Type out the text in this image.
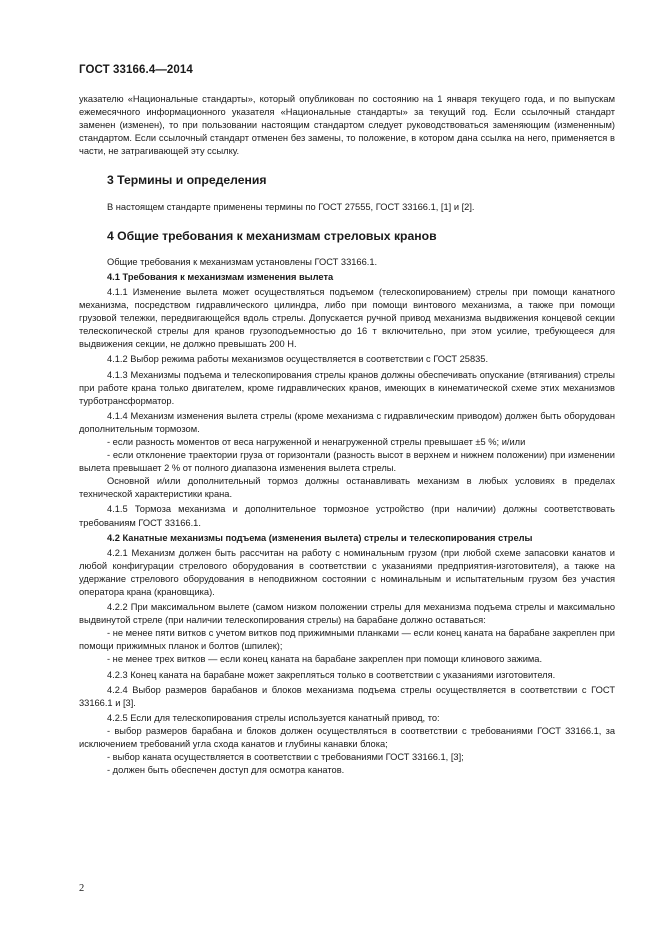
ГОСТ 33166.4—2014

указателю «Национальные стандарты», который опубликован по состоянию на 1 января текущего года, и по выпускам ежемесячного информационного указателя «Национальные стандарты» за текущий год. Если ссылочный стандарт заменен (изменен), то при пользовании настоящим стандартом следует руководствоваться заменяющим (измененным) стандартом. Если ссылочный стандарт отменен без замены, то положение, в котором дана ссылка на него, применяется в части, не затрагивающей эту ссылку.

3 Термины и определения

В настоящем стандарте применены термины по ГОСТ 27555, ГОСТ 33166.1, [1] и [2].

4 Общие требования к механизмам стреловых кранов

Общие требования к механизмам установлены ГОСТ 33166.1.

4.1 Требования к механизмам изменения вылета

4.1.1 Изменение вылета может осуществляться подъемом (телескопированием) стрелы при помощи канатного механизма, посредством гидравлического цилиндра, либо при помощи винтового механизма, а также при помощи грузовой тележки, передвигающейся вдоль стрелы. Допускается ручной привод механизма выдвижения концевой секции телескопической стрелы для кранов грузоподъемностью до 16 т включительно, при этом усилие, требующееся для выдвижения секции, не должно превышать 200 Н.

4.1.2 Выбор режима работы механизмов осуществляется в соответствии с ГОСТ 25835.

4.1.3 Механизмы подъема и телескопирования стрелы кранов должны обеспечивать опускание (втягивания) стрелы при работе крана только двигателем, кроме гидравлических кранов, имеющих в кинематической схеме этих механизмов турботрансформатор.

4.1.4 Механизм изменения вылета стрелы (кроме механизма с гидравлическим приводом) должен быть оборудован дополнительным тормозом.

- если разность моментов от веса нагруженной и ненагруженной стрелы превышает ±5 %; и/или

- если отклонение траектории груза от горизонтали (разность высот в верхнем и нижнем положении) при изменении вылета превышает 2 % от полного диапазона изменения вылета стрелы.

Основной и/или дополнительный тормоз должны останавливать механизм в любых условиях в пределах технической характеристики крана.

4.1.5 Тормоза механизма и дополнительное тормозное устройство (при наличии) должны соответствовать требованиям ГОСТ 33166.1.

4.2 Канатные механизмы подъема (изменения вылета) стрелы и телескопирования стрелы

4.2.1 Механизм должен быть рассчитан на работу с номинальным грузом (при любой схеме запасовки канатов и любой конфигурации стрелового оборудования в соответствии с указаниями предприятия-изготовителя), а также на удержание стрелового оборудования в неподвижном состоянии с номинальным и испытательным грузом без участия оператора крана (крановщика).

4.2.2 При максимальном вылете (самом низком положении стрелы для механизма подъема стрелы и максимально выдвинутой стреле (при наличии телескопирования стрелы) на барабане должно оставаться:

- не менее пяти витков с учетом витков под прижимными планками — если конец каната на барабане закреплен при помощи прижимных планок и болтов (шпилек);

- не менее трех витков — если конец каната на барабане закреплен при помощи клинового зажима.

4.2.3 Конец каната на барабане может закрепляться только в соответствии с указаниями изготовителя.

4.2.4 Выбор размеров барабанов и блоков механизма подъема стрелы осуществляется в соответствии с ГОСТ 33166.1 и [3].

4.2.5 Если для телескопирования стрелы используется канатный привод, то:

- выбор размеров барабана и блоков должен осуществляться в соответствии с требованиями ГОСТ 33166.1, за исключением требований угла схода канатов и глубины канавки блока;

- выбор каната осуществляется в соответствии с требованиями ГОСТ 33166.1, [3];

- должен быть обеспечен доступ для осмотра канатов.

2
